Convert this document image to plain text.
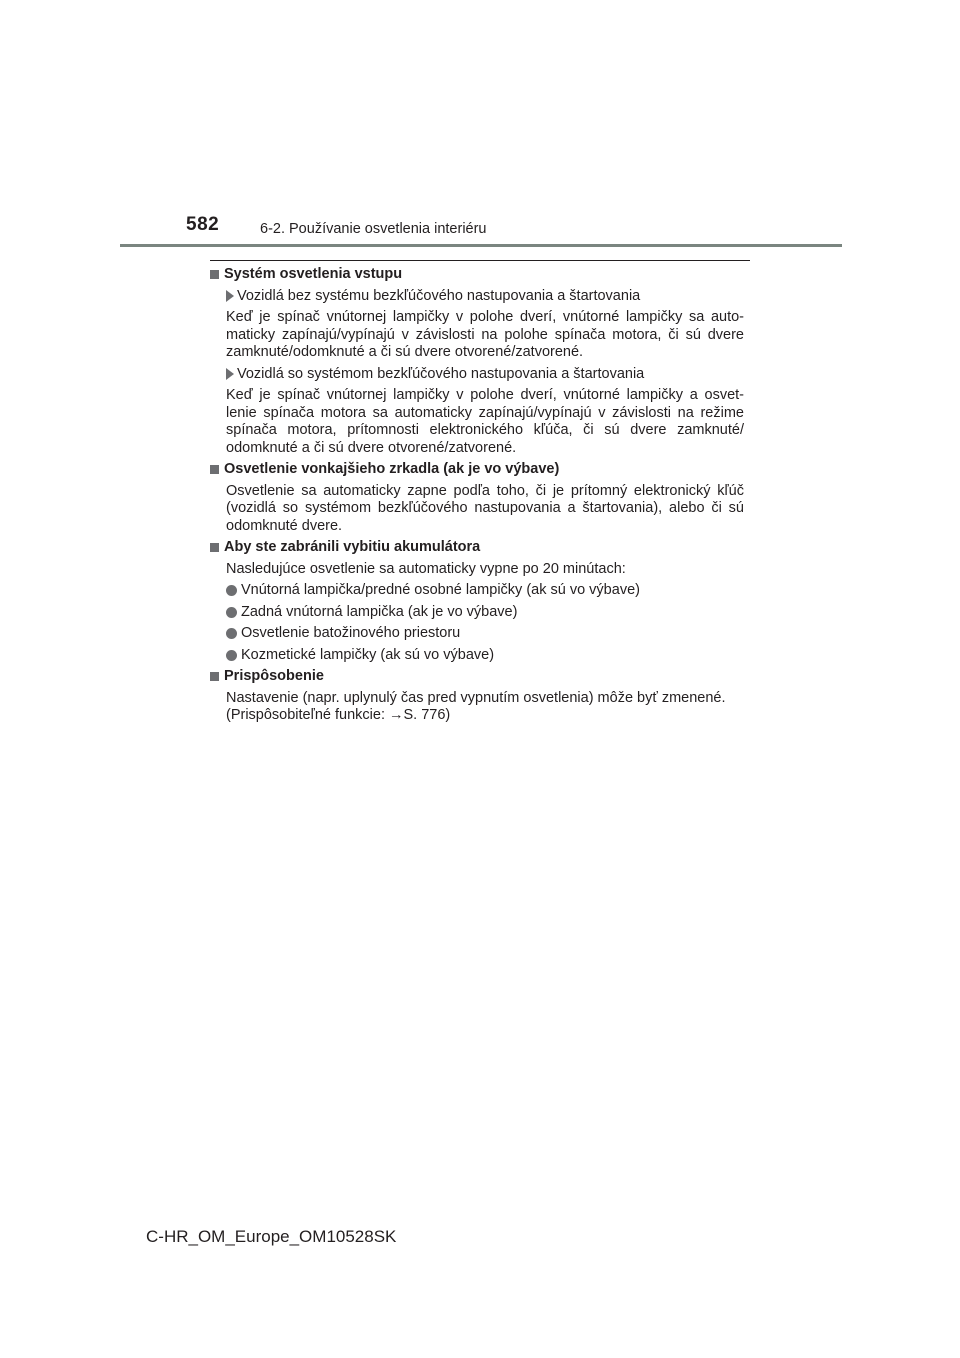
582	6-2. Používanie osvetlenia interiéru
Systém osvetlenia vstupu
Vozidlá bez systému bezkľúčového nastupovania a štartovania

Keď je spínač vnútornej lampičky v polohe dverí, vnútorné lampičky sa auto-maticky zapínajú/vypínajú v závislosti na polohe spínača motora, či sú dvere zamknuté/odomknuté a či sú dvere otvorené/zatvorené.

Vozidlá so systémom bezkľúčového nastupovania a štartovania

Keď je spínač vnútornej lampičky v polohe dverí, vnútorné lampičky a osvet-lenie spínača motora sa automaticky zapínajú/vypínajú v závislosti na režime spínača motora, prítomnosti elektronického kľúča, či sú dvere zamknuté/ odomknuté a či sú dvere otvorené/zatvorené.

Osvetlenie vonkajšieho zrkadla (ak je vo výbave)

Osvetlenie sa automaticky zapne podľa toho, či je prítomný elektronický kľúč (vozidlá so systémom bezkľúčového nastupovania a štartovania), alebo či sú odomknuté dvere.

Aby ste zabránili vybitiu akumulátora

Nasledujúce osvetlenie sa automaticky vypne po 20 minútach:

Vnútorná lampička/predné osobné lampičky (ak sú vo výbave)
Zadná vnútorná lampička (ak je vo výbave)
Osvetlenie batožinového priestoru
Kozmetické lampičky (ak sú vo výbave)
Prispôsobenie
Nastavenie (napr. uplynulý čas pred vypnutím osvetlenia) môže byť zmenené.
(Prispôsobiteľné funkcie: →S. 776)
C-HR_OM_Europe_OM10528SK
